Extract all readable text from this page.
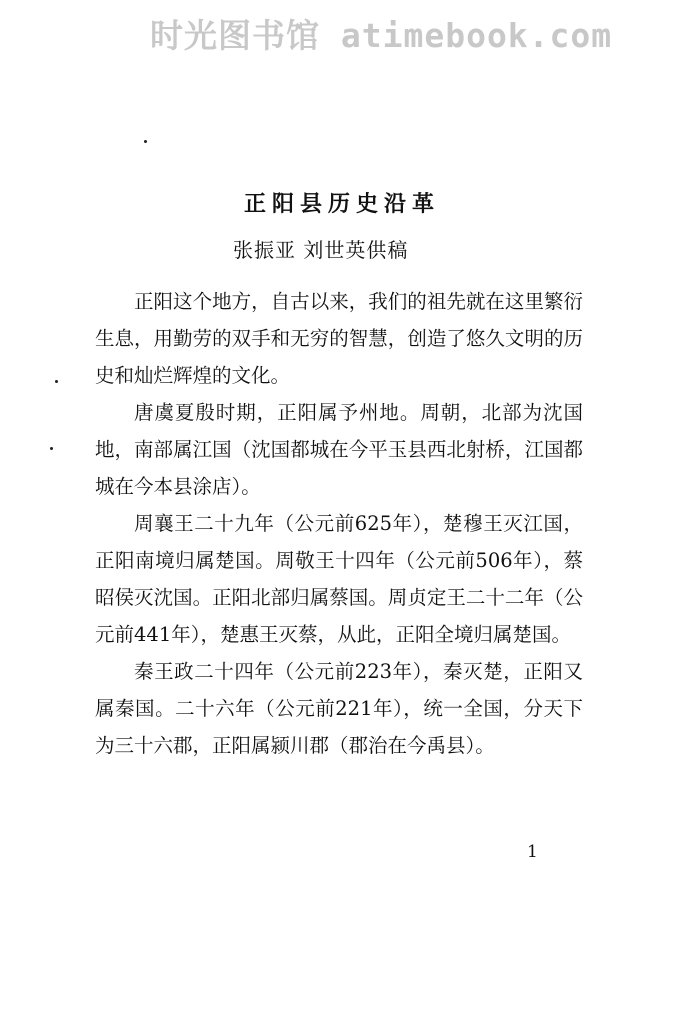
时光图书馆 atimebook.com
正阳县历史沿革
张振亚 刘世英供稿

正阳这个地方，自古以来，我们的祖先就在这里繁衍生息，用勤劳的双手和无穷的智慧，创造了悠久文明的历史和灿烂辉煌的文化。

唐虞夏殷时期，正阳属予州地。周朝，北部为沈国地，南部属江国（沈国都城在今平玉县西北射桥，江国都城在今本县涂店）。

周襄王二十九年（公元前625年），楚穆王灭江国，正阳南境归属楚国。周敬王十四年（公元前506年），蔡昭侯灭沈国。正阳北部归属蔡国。周贞定王二十二年（公元前441年），楚惠王灭蔡，从此，正阳全境归属楚国。

秦王政二十四年（公元前223年），秦灭楚，正阳又属秦国。二十六年（公元前221年），统一全国，分天下为三十六郡，正阳属颍川郡（郡治在今禹县）。

1
